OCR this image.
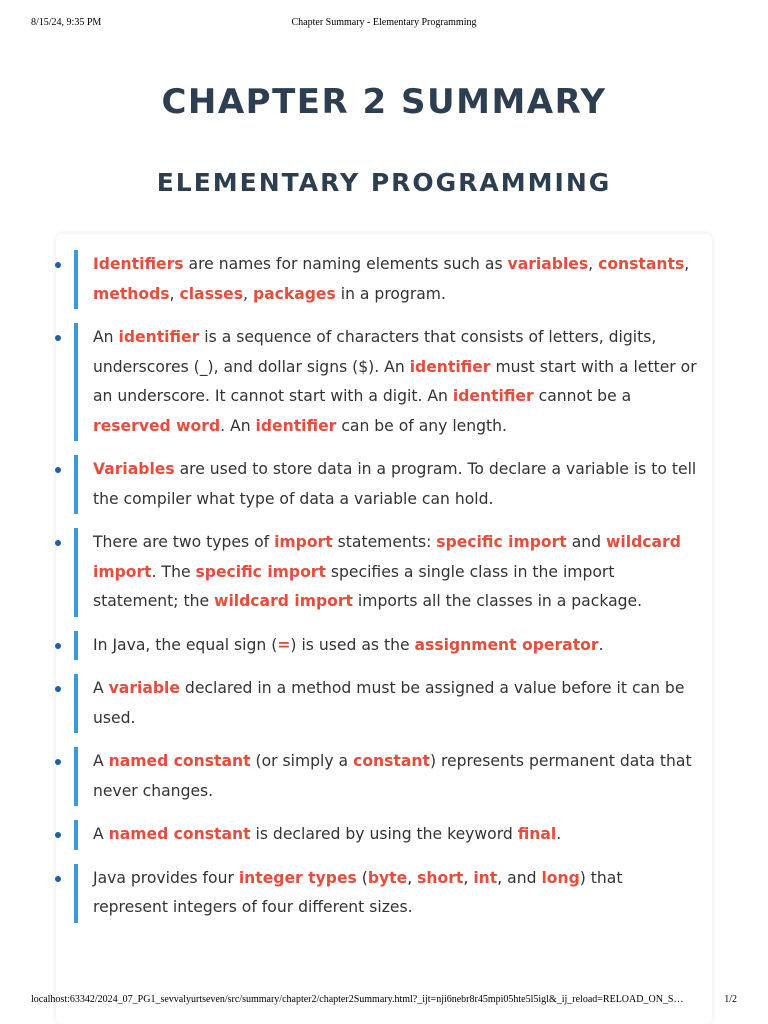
8/15/24, 9:35 PM	Chapter Summary - Elementary Programming
CHAPTER 2 SUMMARY
ELEMENTARY PROGRAMMING
Identifiers are names for naming elements such as variables, constants, methods, classes, packages in a program.
An identifier is a sequence of characters that consists of letters, digits, underscores (_), and dollar signs ($). An identifier must start with a letter or an underscore. It cannot start with a digit. An identifier cannot be a reserved word. An identifier can be of any length.
Variables are used to store data in a program. To declare a variable is to tell the compiler what type of data a variable can hold.
There are two types of import statements: specific import and wildcard import. The specific import specifies a single class in the import statement; the wildcard import imports all the classes in a package.
In Java, the equal sign (=) is used as the assignment operator.
A variable declared in a method must be assigned a value before it can be used.
A named constant (or simply a constant) represents permanent data that never changes.
A named constant is declared by using the keyword final.
Java provides four integer types (byte, short, int, and long) that represent integers of four different sizes.
localhost:63342/2024_07_PG1_sevvalyurtseven/src/summary/chapter2/chapter2Summary.html?_ijt=nji6nebr8r45mpi05hte5l5igl&_ij_reload=RELOAD_ON_S…	1/2
